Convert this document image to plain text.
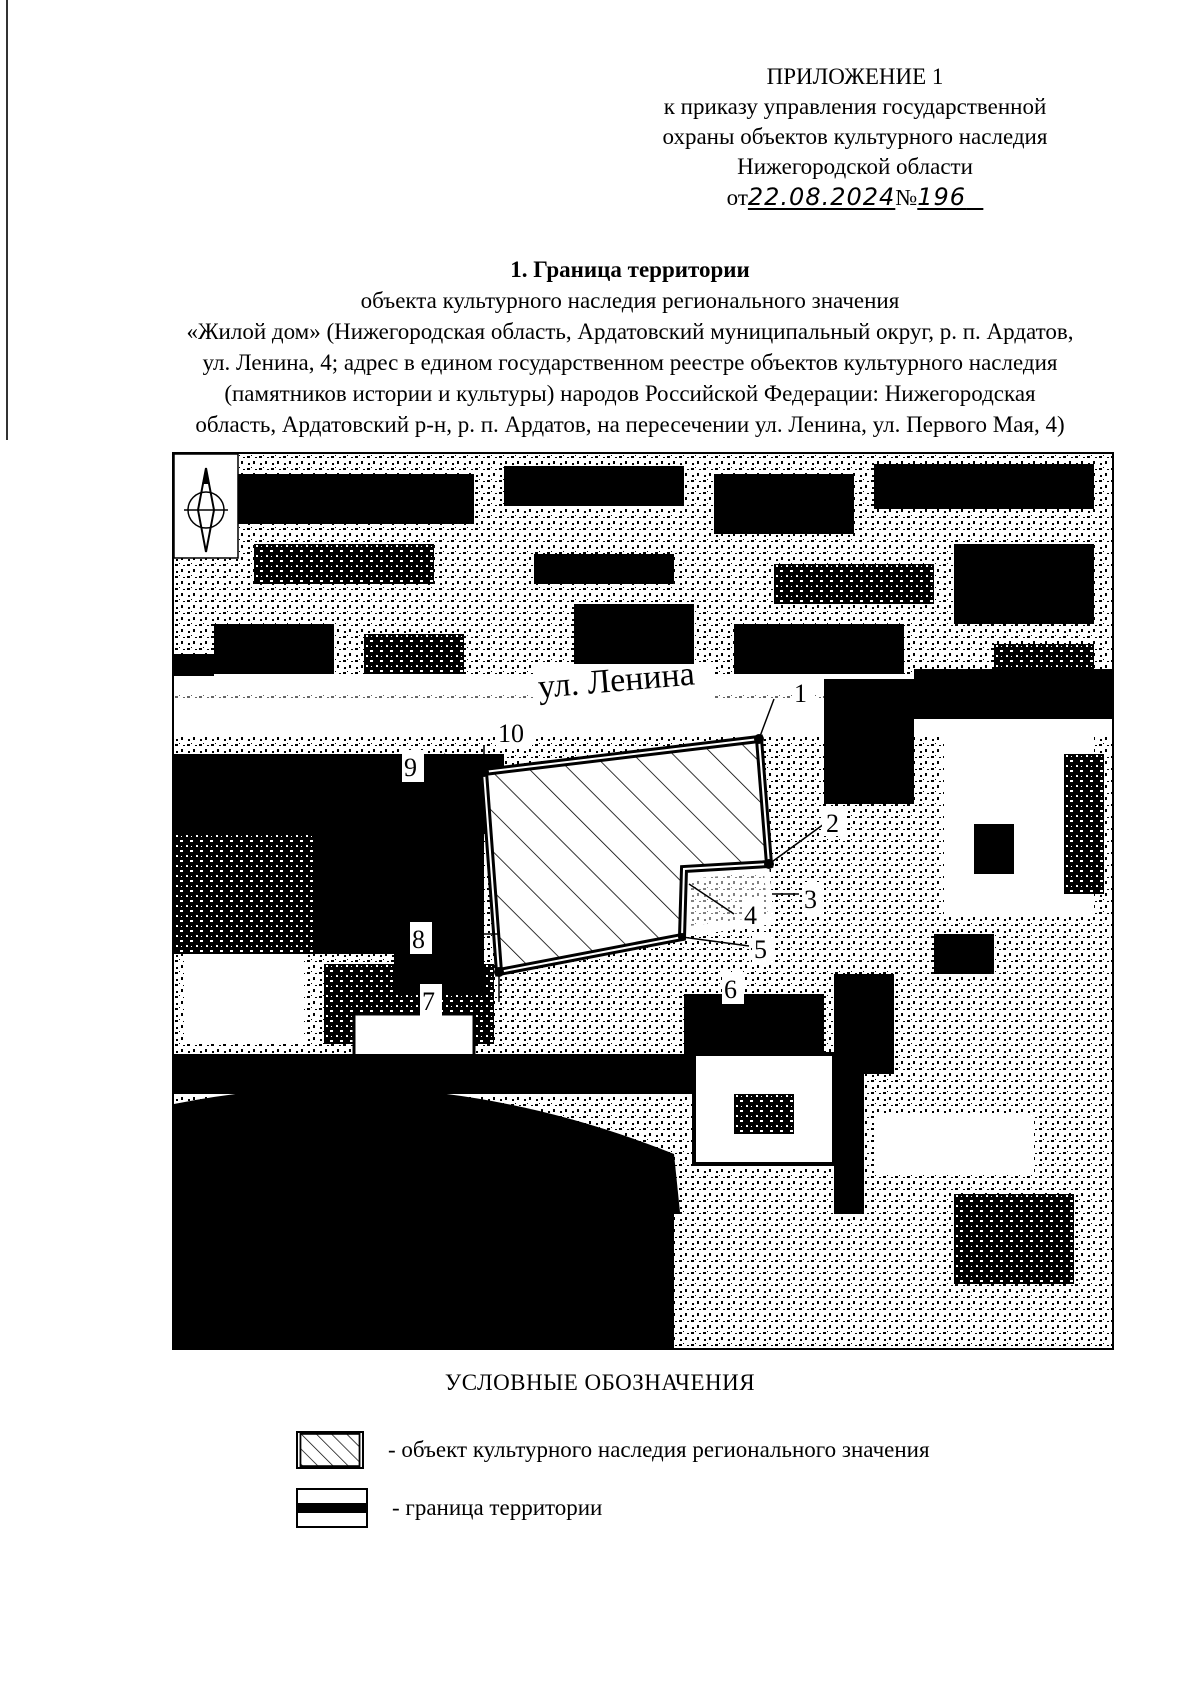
ПРИЛОЖЕНИЕ 1
к приказу управления государственной
охраны объектов культурного наследия
Нижегородской области
от22.08.2024№196
1. Граница территории
объекта культурного наследия регионального значения
«Жилой дом» (Нижегородская область, Ардатовский муниципальный округ, р. п. Ардатов,
ул. Ленина, 4; адрес в едином государственном реестре объектов культурного наследия
(памятников истории и культуры) народов Российской Федерации: Нижегородская
область, Ардатовский р-н, р. п. Ардатов, на пересечении ул. Ленина, ул. Первого Мая, 4)
1
2
3
4
5
6
7
8
9
10
ул. Ленина
УСЛОВНЫЕ ОБОЗНАЧЕНИЯ
- объект культурного наследия регионального значения
- граница территории
